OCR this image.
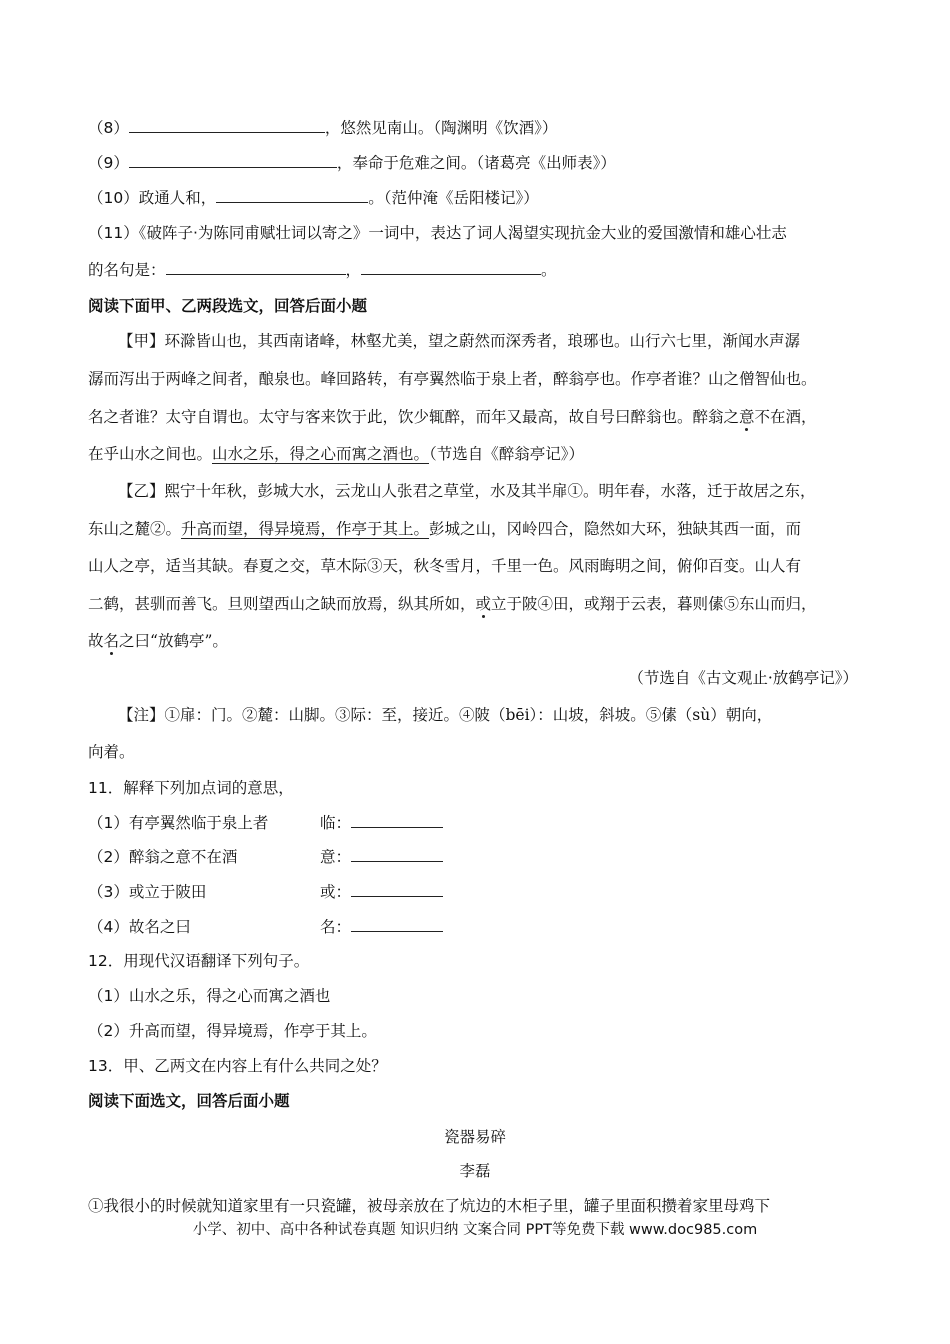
（8）	，悠然见南山。（陶渊明《饮酒》）
（9）	，奉命于危难之间。（诸葛亮《出师表》）
（10）政通人和，	。（范仲淹《岳阳楼记》）
（11）《破阵子·为陈同甫赋壮词以寄之》一词中，表达了词人渴望实现抗金大业的爱国激情和雄心壮志
的名句是：	，	。
阅读下面甲、乙两段选文，回答后面小题
【甲】环滁皆山也，其西南诸峰，林壑尤美，望之蔚然而深秀者，琅琊也。山行六七里，渐闻水声潺
潺而泻出于两峰之间者，酿泉也。峰回路转，有亭翼然临于泉上者，醉翁亭也。作亭者谁？山之僧智仙也。
名之者谁？太守自谓也。太守与客来饮于此，饮少辄醉，而年又最高，故自号曰醉翁也。醉翁之意不在酒，
在乎山水之间也。山水之乐，得之心而寓之酒也。（节选自《醉翁亭记》）
【乙】熙宁十年秋，彭城大水，云龙山人张君之草堂，水及其半扉①。明年春，水落，迁于故居之东，
东山之麓②。升高而望，得异境焉，作亭于其上。彭城之山，冈岭四合，隐然如大环，独缺其西一面，而
山人之亭，适当其缺。春夏之交，草木际③天，秋冬雪月，千里一色。风雨晦明之间，俯仰百变。山人有
二鹤，甚驯而善飞。旦则望西山之缺而放焉，纵其所如，或立于陂④田，或翔于云表，暮则傃⑤东山而归，
故名之曰“放鹤亭”。
（节选自《古文观止·放鹤亭记》）
【注】①扉：门。②麓：山脚。③际：至，接近。④陂（bēi）：山坡，斜坡。⑤傃（sù）朝向，
向着。
11．解释下列加点词的意思，
（1）有亭翼然临于泉上者	临：
（2）醉翁之意不在酒	意：
（3）或立于陂田	或：
（4）故名之曰	名：
12．用现代汉语翻译下列句子。
（1）山水之乐，得之心而寓之酒也
（2）升高而望，得异境焉，作亭于其上。
13．甲、乙两文在内容上有什么共同之处？
阅读下面选文，回答后面小题
瓷器易碎
李磊
①我很小的时候就知道家里有一只瓷罐，被母亲放在了炕边的木柜子里，罐子里面积攒着家里母鸡下
小学、初中、高中各种试卷真题 知识归纳 文案合同 PPT等免费下载 www.doc985.com
